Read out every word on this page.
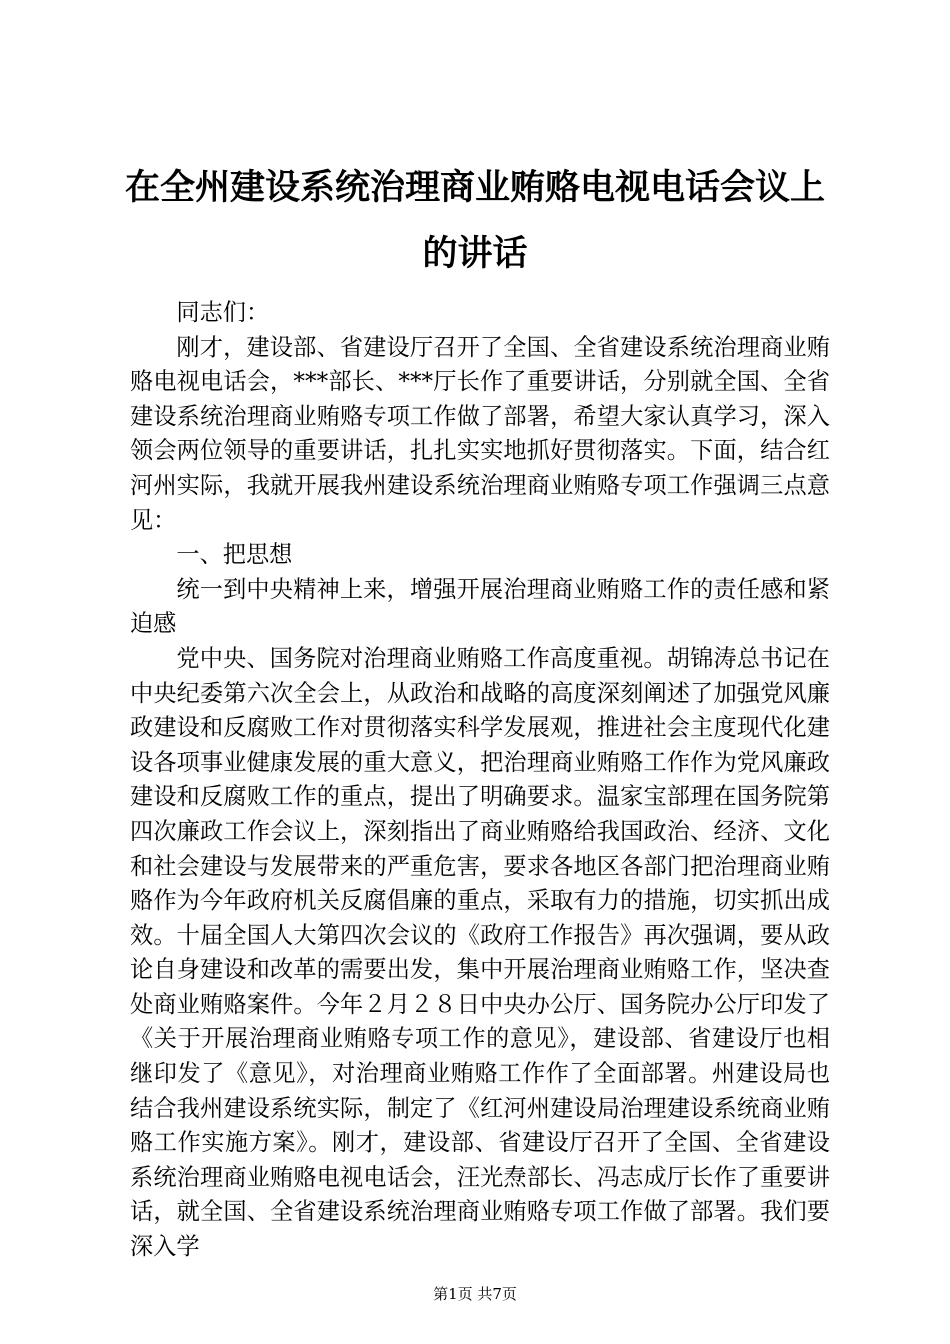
在全州建设系统治理商业贿赂电视电话会议上的讲话

同志们：

刚才，建设部、省建设厅召开了全国、全省建设系统治理商业贿赂电视电话会，***部长、***厅长作了重要讲话，分别就全国、全省建设系统治理商业贿赂专项工作做了部署，希望大家认真学习，深入领会两位领导的重要讲话，扎扎实实地抓好贯彻落实。下面，结合红河州实际，我就开展我州建设系统治理商业贿赂专项工作强调三点意见：

一、把思想

统一到中央精神上来，增强开展治理商业贿赂工作的责任感和紧迫感

党中央、国务院对治理商业贿赂工作高度重视。胡锦涛总书记在中央纪委第六次全会上，从政治和战略的高度深刻阐述了加强党风廉政建设和反腐败工作对贯彻落实科学发展观，推进社会主度现代化建设各项事业健康发展的重大意义，把治理商业贿赂工作作为党风廉政建设和反腐败工作的重点，提出了明确要求。温家宝部理在国务院第四次廉政工作会议上，深刻指出了商业贿赂给我国政治、经济、文化和社会建设与发展带来的严重危害，要求各地区各部门把治理商业贿赂作为今年政府机关反腐倡廉的重点，采取有力的措施，切实抓出成效。十届全国人大第四次会议的《政府工作报告》再次强调，要从政论自身建设和改革的需要出发，集中开展治理商业贿赂工作，坚决查处商业贿赂案件。今年２月２８日中央办公厅、国务院办公厅印发了《关于开展治理商业贿赂专项工作的意见》，建设部、省建设厅也相继印发了《意见》，对治理商业贿赂工作作了全面部署。州建设局也结合我州建设系统实际，制定了《红河州建设局治理建设系统商业贿赂工作实施方案》。刚才，建设部、省建设厅召开了全国、全省建设系统治理商业贿赂电视电话会，汪光焘部长、冯志成厅长作了重要讲话，就全国、全省建设系统治理商业贿赂专项工作做了部署。我们要深入学

第1页 共7页
